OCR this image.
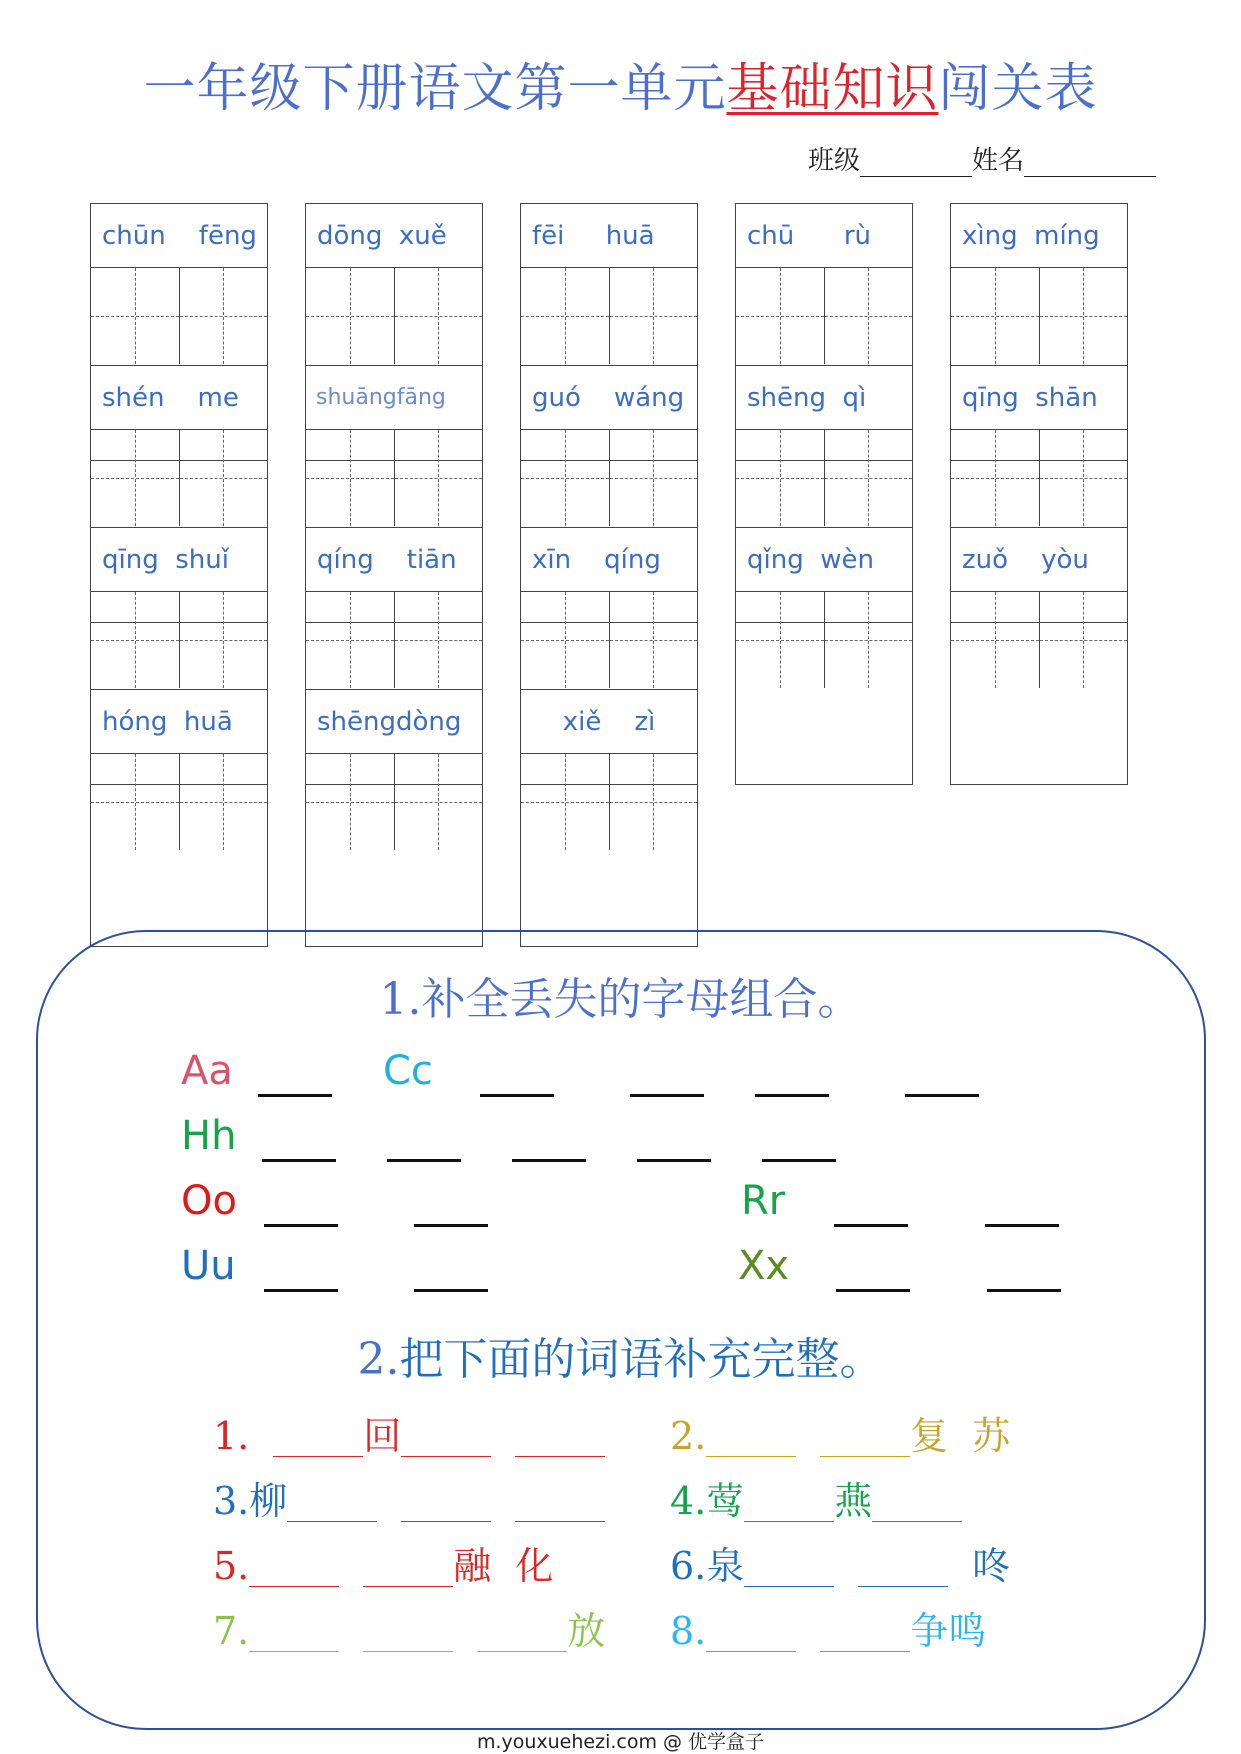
一年级下册语文第一单元基础知识闯关表
班级	姓名
chūn    fēng	dōng  xuě	fēi     huā	chū      rù	xìng  míng
shén    me	shuāngfāng	guó    wáng	shēng  qì	qīng  shān
qīng  shuǐ	qíng    tiān	xīn    qíng	qǐng  wèn	zuǒ    yòu
hóng  huā	shēngdòng	xiě    zì
1.补全丢失的字母组合。
Aa	Cc
Hh
Oo	Rr
Uu	Xx
2.把下面的词语补充完整。
1.	回	2.	复 苏
3.柳	4.莺 燕
5.	融 化	6.泉	咚
7.	放 8.	争鸣
m.youxuehezi.com @ 优学盒子
